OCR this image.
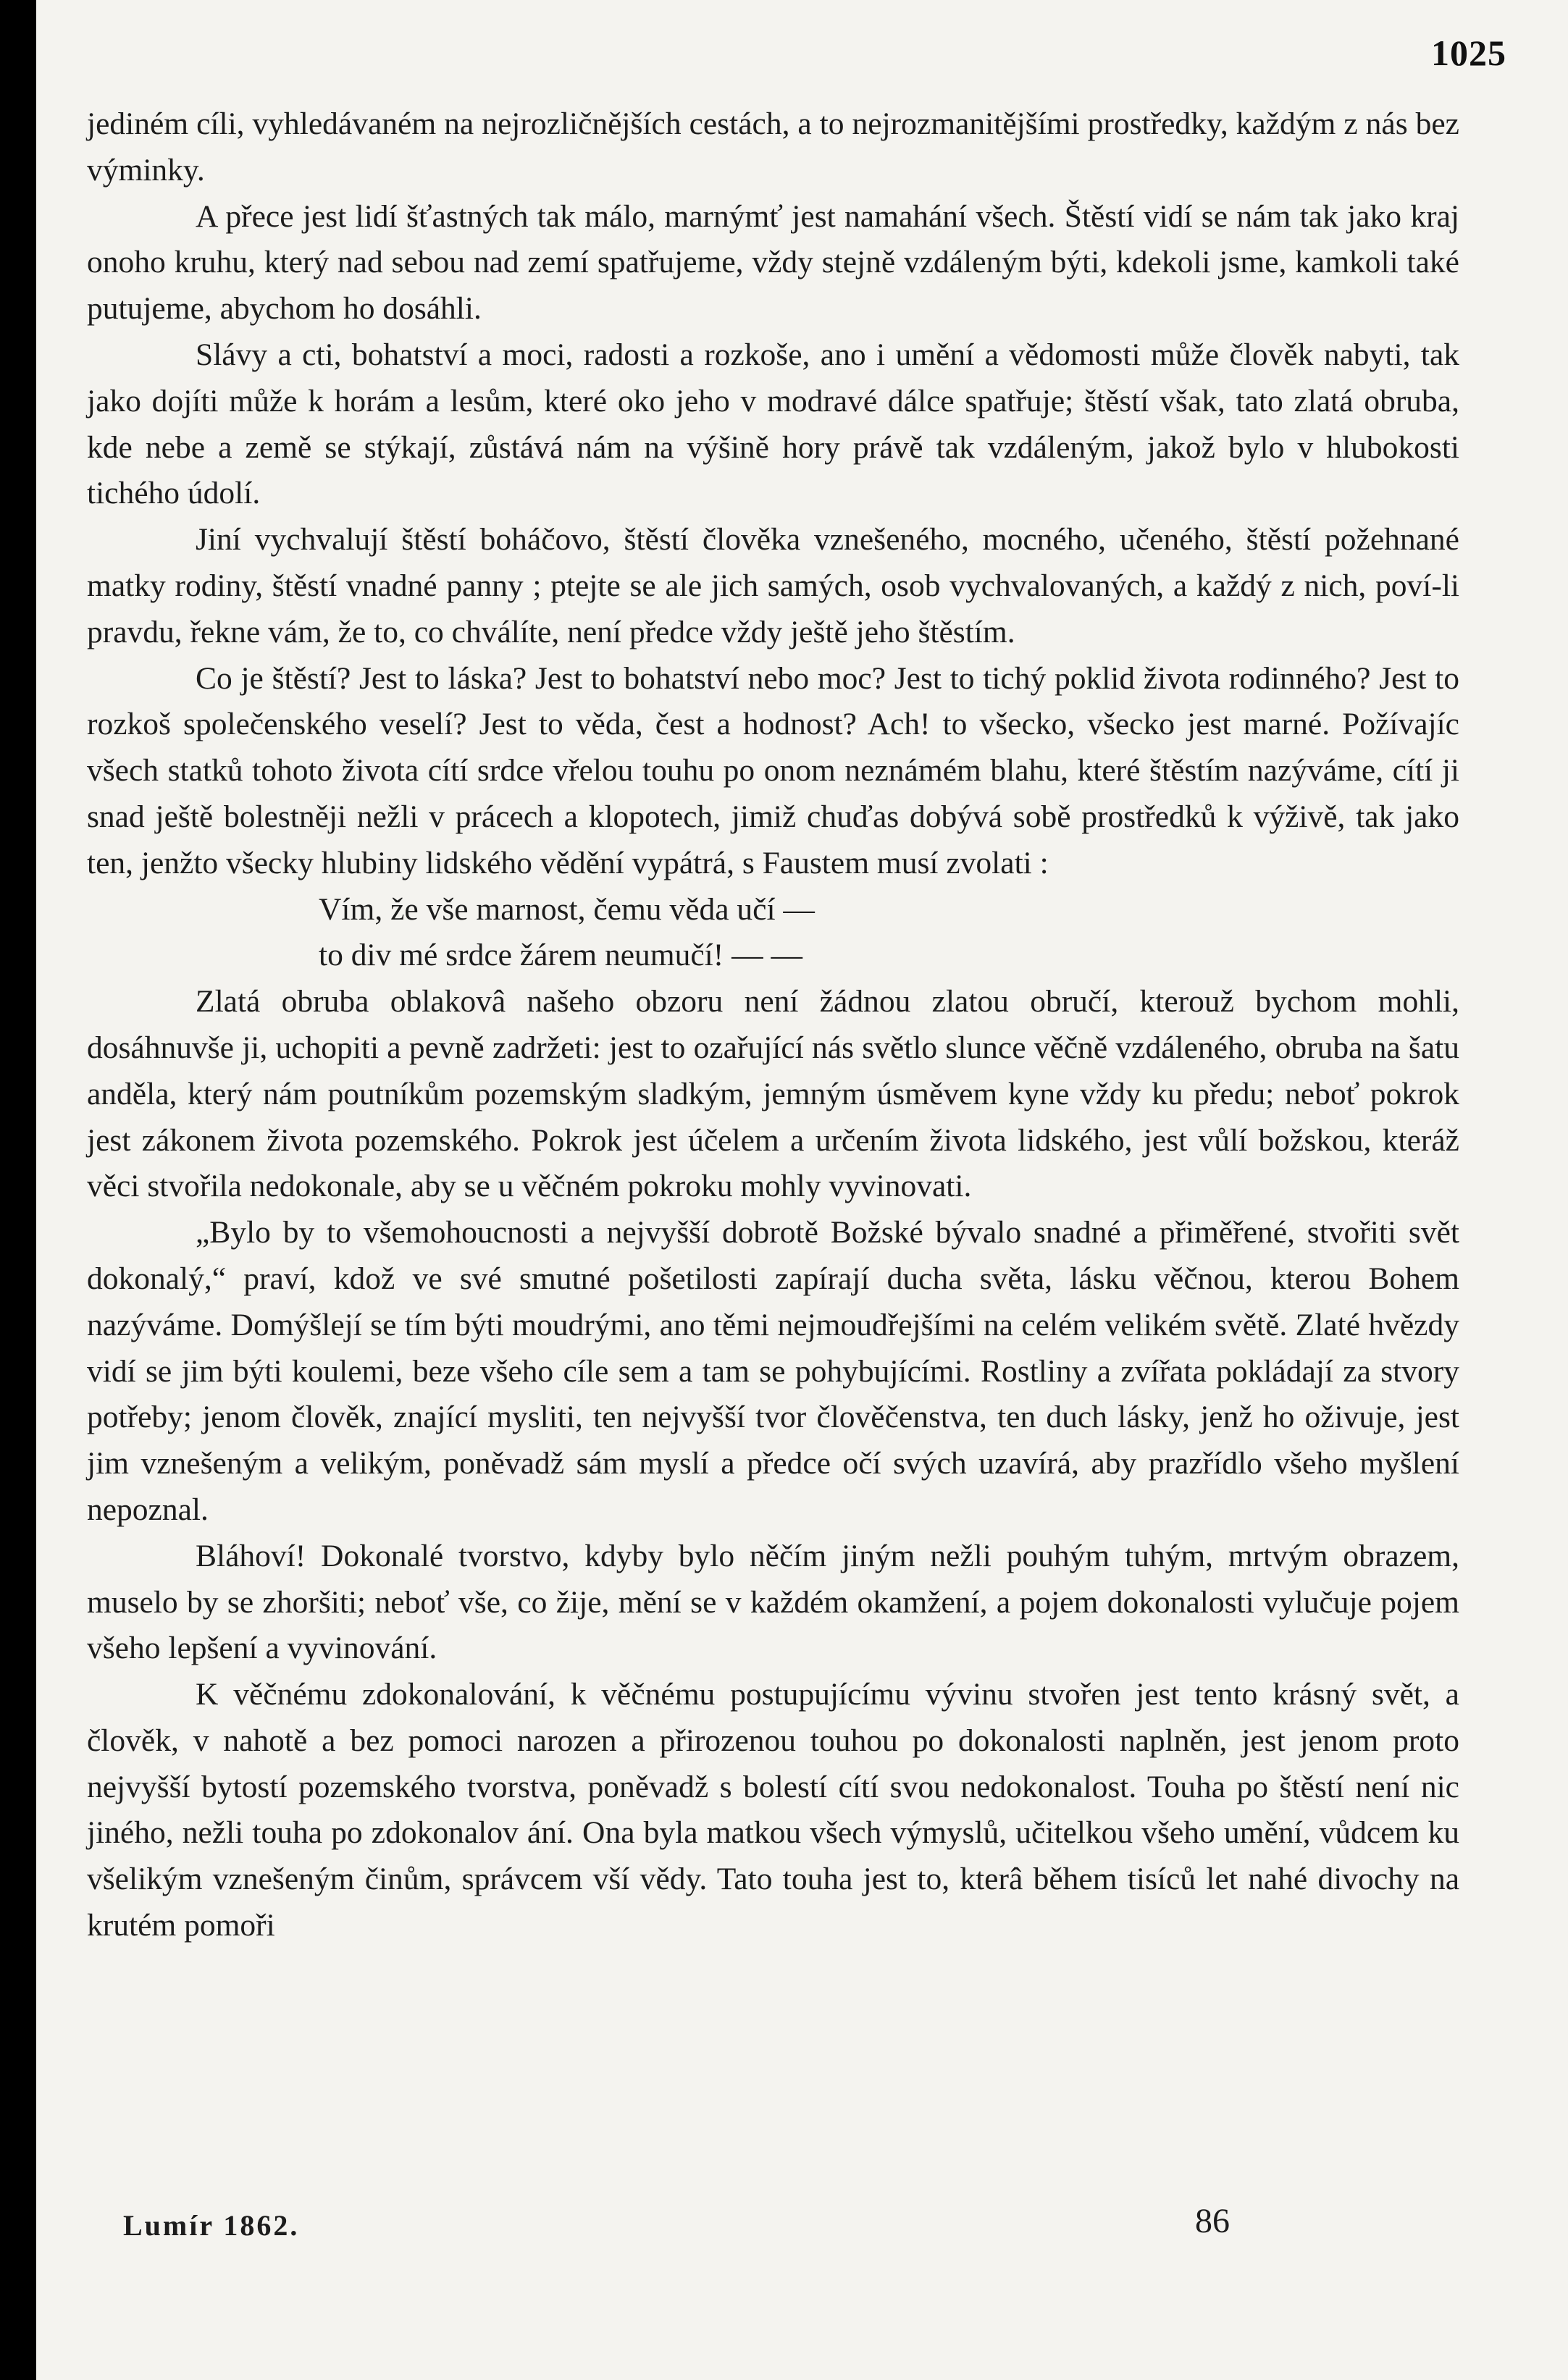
1025

jediném cíli, vyhledávaném na nejrozličnějších cestách, a to nejrozmanitějšími prostředky, každým z nás bez výminky.

A přece jest lidí šťastných tak málo, marnýmť jest namahání všech. Štěstí vidí se nám tak jako kraj onoho kruhu, který nad sebou nad zemí spatřujeme, vždy stejně vzdáleným býti, kdekoli jsme, kamkoli také putujeme, abychom ho dosáhli.

Slávy a cti, bohatství a moci, radosti a rozkoše, ano i umění a vědomosti může člověk nabyti, tak jako dojíti může k horám a lesům, které oko jeho v modravé dálce spatřuje; štěstí však, tato zlatá obruba, kde nebe a země se stýkají, zůstává nám na výšině hory právě tak vzdáleným, jakož bylo v hlubokosti tichého údolí.

Jiní vychvalují štěstí boháčovo, štěstí člověka vznešeného, mocného, učeného, štěstí požehnané matky rodiny, štěstí vnadné panny ; ptejte se ale jich samých, osob vychvalovaných, a každý z nich, poví-li pravdu, řekne vám, že to, co chválíte, není předce vždy ještě jeho štěstím.

Co je štěstí? Jest to láska? Jest to bohatství nebo moc? Jest to tichý poklid života rodinného? Jest to rozkoš společenského veselí? Jest to věda, čest a hodnost? Ach! to všecko, všecko jest marné. Požívajíc všech statků tohoto života cítí srdce vřelou touhu po onom neznámém blahu, které štěstím nazýváme, cítí ji snad ještě bolestněji nežli v prácech a klopotech, jimiž chuďas dobývá sobě prostředků k výživě, tak jako ten, jenžto všecky hlubiny lidského vědění vypátrá, s Faustem musí zvolati :

Vím, že vše marnost, čemu věda učí —

to div mé srdce žárem neumučí! — —

Zlatá obruba oblakovâ našeho obzoru není žádnou zlatou obručí, kterouž bychom mohli, dosáhnuvše ji, uchopiti a pevně zadržeti: jest to ozařující nás světlo slunce věčně vzdáleného, obruba na šatu anděla, který nám poutníkům pozemským sladkým, jemným úsměvem kyne vždy ku předu; neboť pokrok jest zákonem života pozemského. Pokrok jest účelem a určením života lidského, jest vůlí božskou, kteráž věci stvořila nedokonale, aby se u věčném pokroku mohly vyvinovati.

„Bylo by to všemohoucnosti a nejvyšší dobrotě Božské bývalo snadné a přiměřené, stvořiti svět dokonalý,“ praví, kdož ve své smutné pošetilosti zapírají ducha světa, lásku věčnou, kterou Bohem nazýváme. Domýšlejí se tím býti moudrými, ano těmi nejmoudřejšími na celém velikém světě. Zlaté hvězdy vidí se jim býti koulemi, beze všeho cíle sem a tam se pohybujícími. Rostliny a zvířata pokládají za stvory potřeby; jenom člověk, znající mysliti, ten nejvyšší tvor člověčenstva, ten duch lásky, jenž ho oživuje, jest jim vznešeným a velikým, poněvadž sám myslí a předce očí svých uzavírá, aby prazřídlo všeho myšlení nepoznal.

Bláhoví! Dokonalé tvorstvo, kdyby bylo něčím jiným nežli pouhým tuhým, mrtvým obrazem, muselo by se zhoršiti; neboť vše, co žije, mění se v každém okamžení, a pojem dokonalosti vylučuje pojem všeho lepšení a vyvinování.

K věčnému zdokonalování, k věčnému postupujícímu vývinu stvořen jest tento krásný svět, a člověk, v nahotě a bez pomoci narozen a přirozenou touhou po dokonalosti naplněn, jest jenom proto nejvyšší bytostí pozemského tvorstva, poněvadž s bolestí cítí svou nedokonalost. Touha po štěstí není nic jiného, nežli touha po zdokonalov ání. Ona byla matkou všech výmyslů, učitelkou všeho umění, vůdcem ku všelikým vznešeným činům, správcem vší vědy. Tato touha jest to, kterâ během tisíců let nahé divochy na krutém pomoři

Lumír 1862.	86
